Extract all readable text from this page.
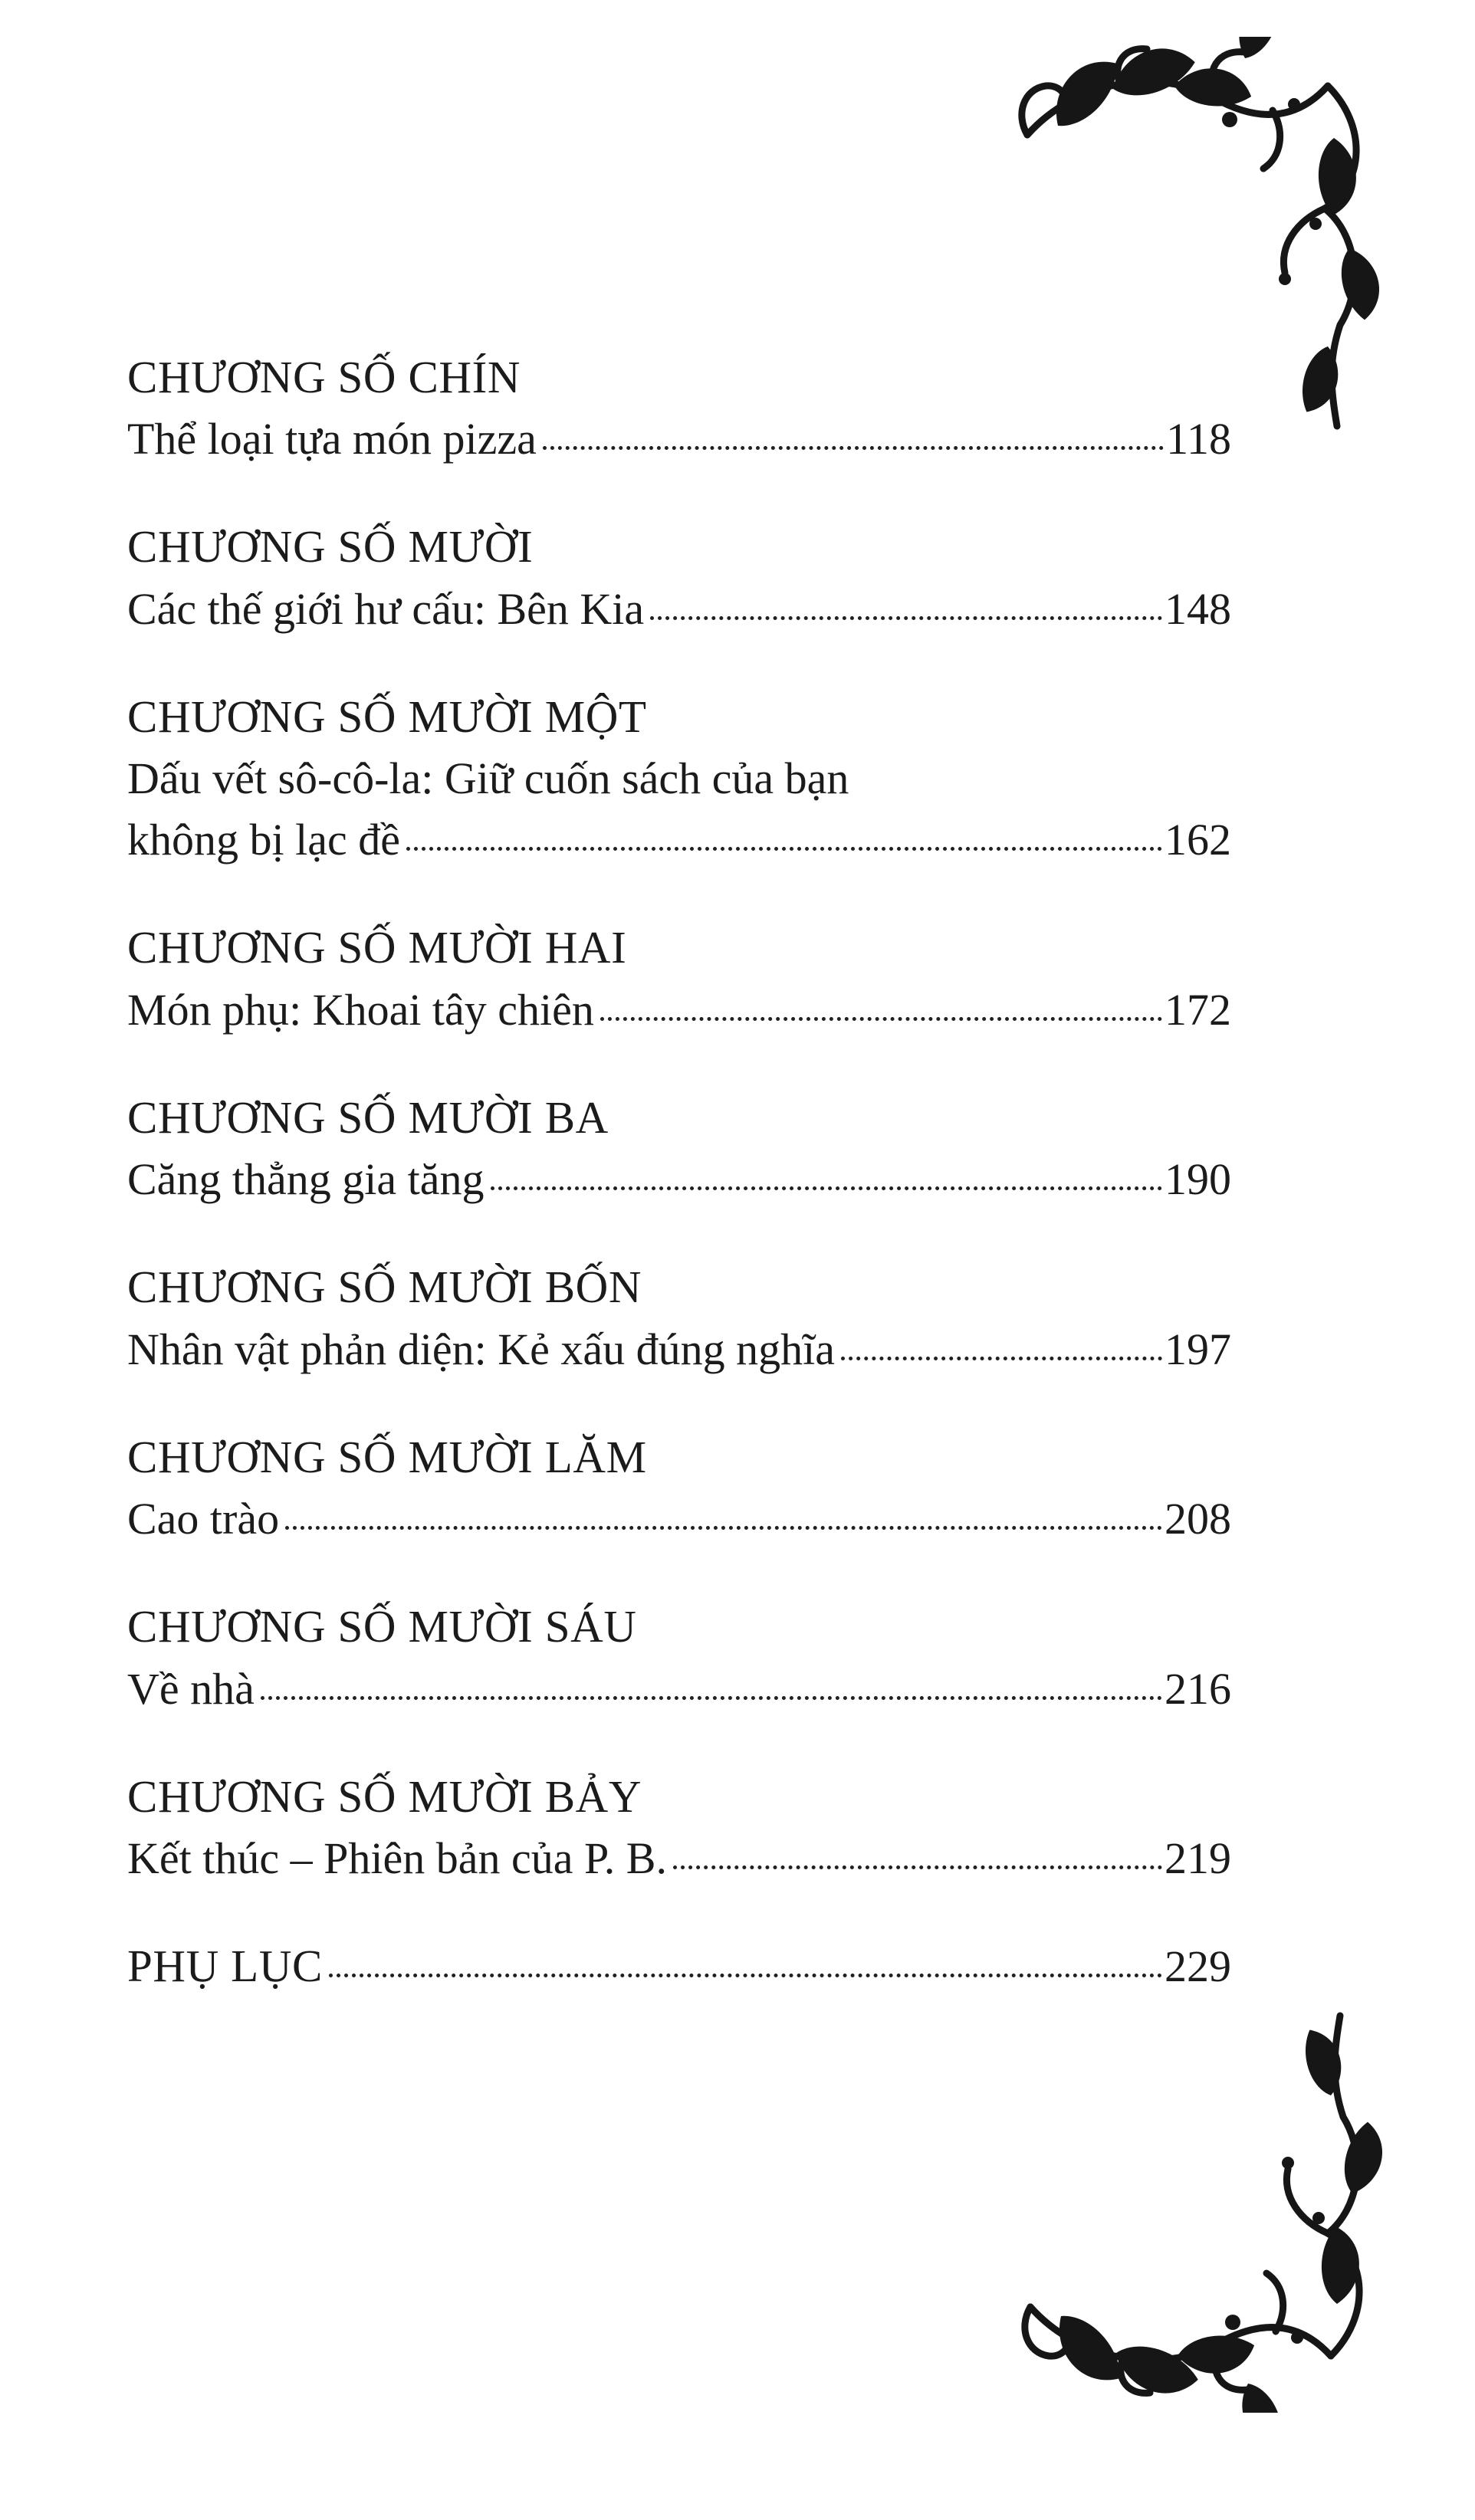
CHƯƠNG SỐ CHÍN
Thể loại tựa món pizza	118
CHƯƠNG SỐ MƯỜI
Các thế giới hư cấu: Bên Kia	148
CHƯƠNG SỐ MƯỜI MỘT
Dấu vết sô-cô-la: Giữ cuốn sách của bạn
không bị lạc đề	162
CHƯƠNG SỐ MƯỜI HAI
Món phụ: Khoai tây chiên	172
CHƯƠNG SỐ MƯỜI BA
Căng thẳng gia tăng	190
CHƯƠNG SỐ MƯỜI BỐN
Nhân vật phản diện: Kẻ xấu đúng nghĩa	197
CHƯƠNG SỐ MƯỜI LĂM
Cao trào	208
CHƯƠNG SỐ MƯỜI SÁU
Về nhà	216
CHƯƠNG SỐ MƯỜI BẢY
Kết thúc – Phiên bản của P. B.	219
PHỤ LỤC	229
